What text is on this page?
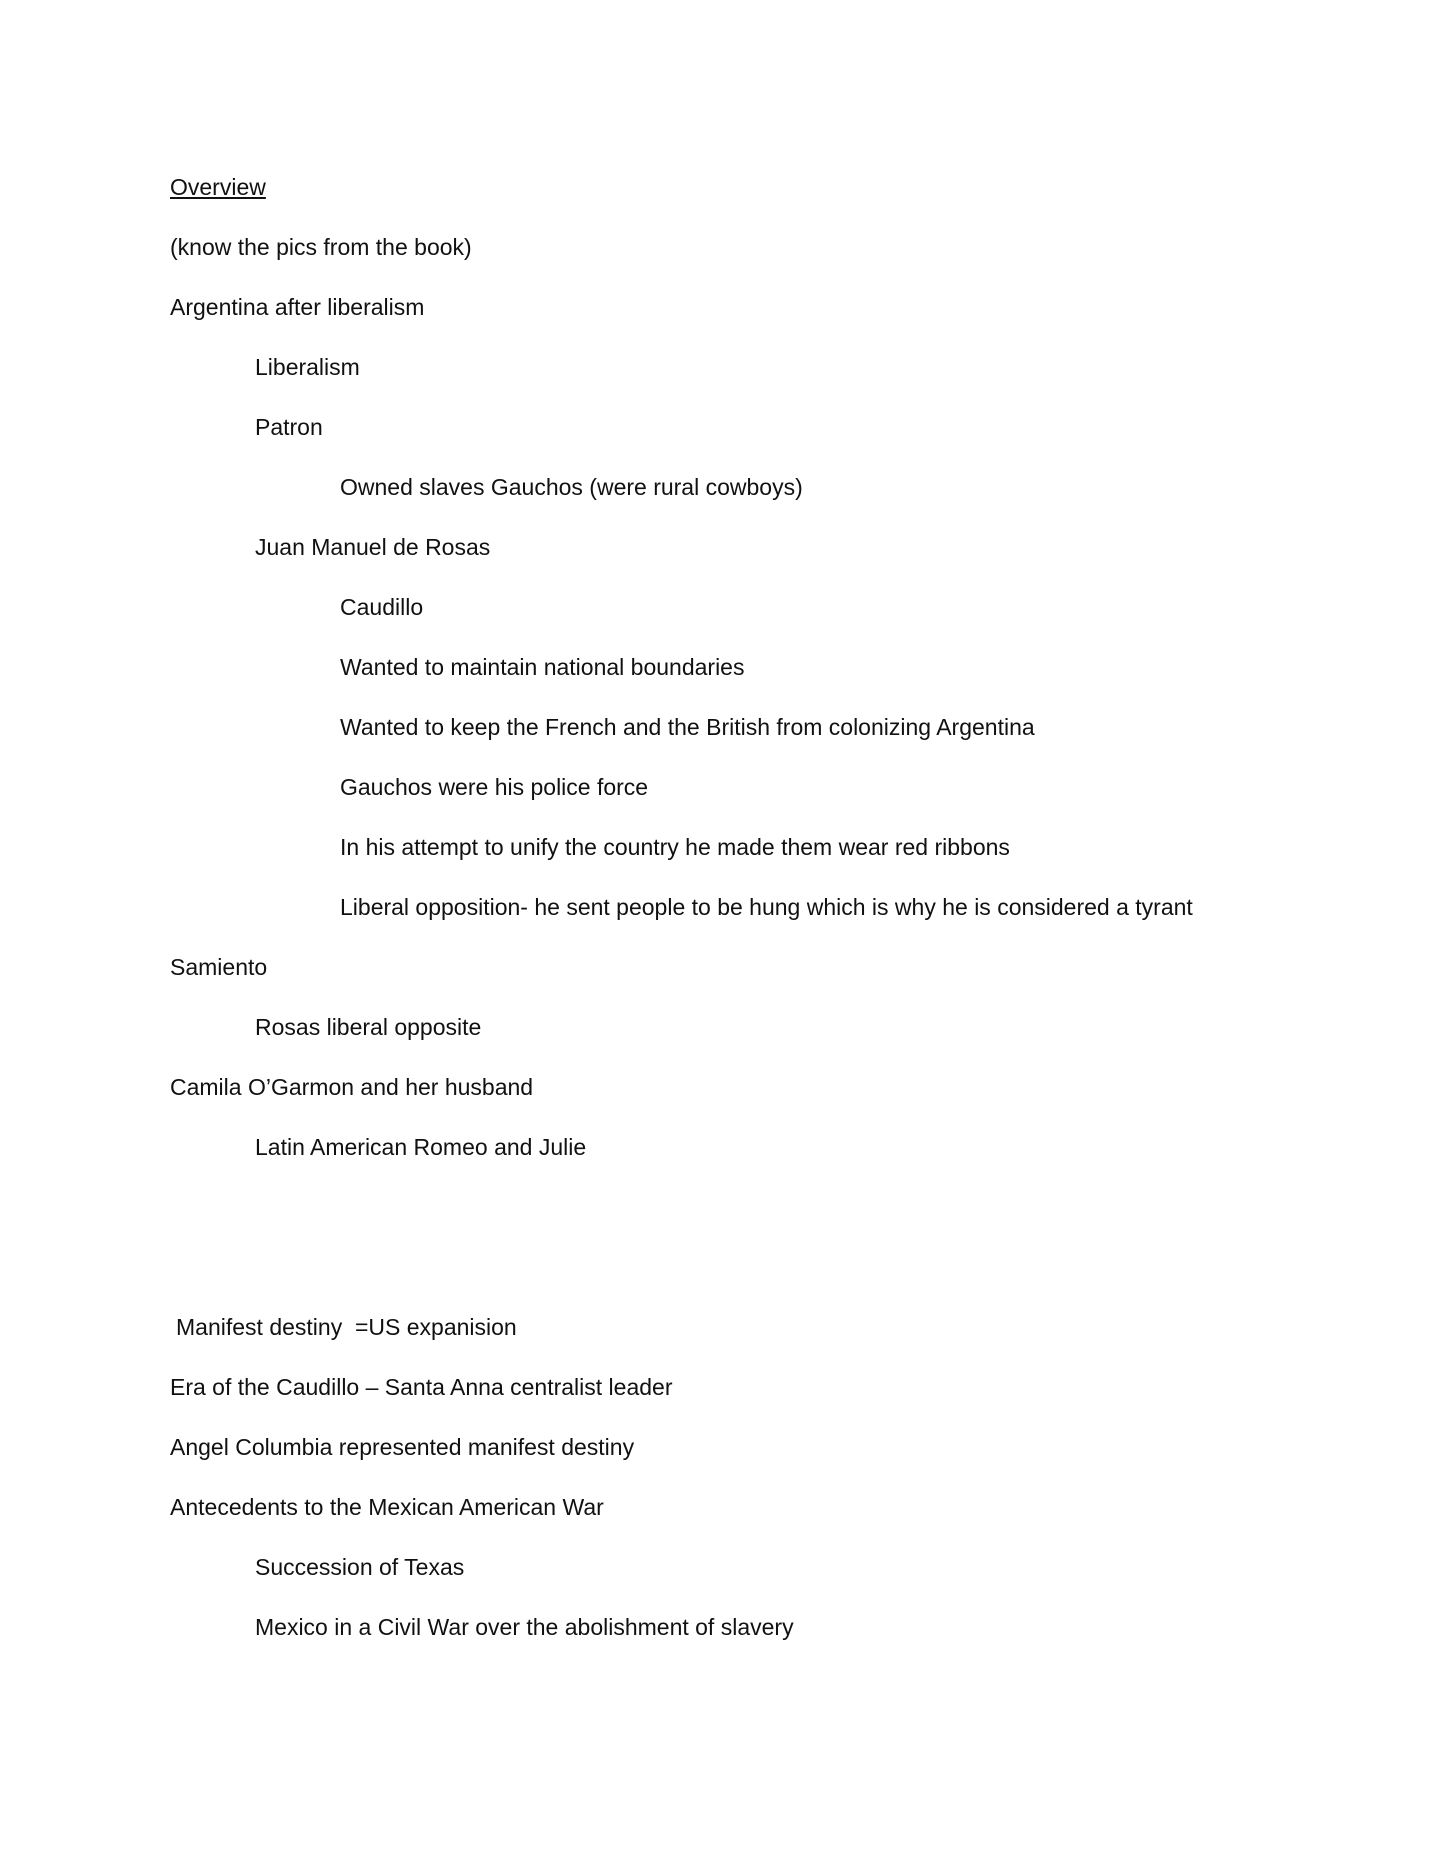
Overview

(know the pics from the book)

Argentina after liberalism

Liberalism

Patron

Owned slaves Gauchos (were rural cowboys)

Juan Manuel de Rosas

Caudillo

Wanted to maintain national boundaries

Wanted to keep the French and the British from colonizing Argentina

Gauchos were his police force

In his attempt to unify the country he made them wear red ribbons

Liberal opposition- he sent people to be hung which is why he is considered a tyrant

Samiento

Rosas liberal opposite

Camila O’Garmon and her husband

Latin American Romeo and Julie

Manifest destiny  =US expanision

Era of the Caudillo – Santa Anna centralist leader

Angel Columbia represented manifest destiny

Antecedents to the Mexican American War

Succession of Texas

Mexico in a Civil War over the abolishment of slavery
